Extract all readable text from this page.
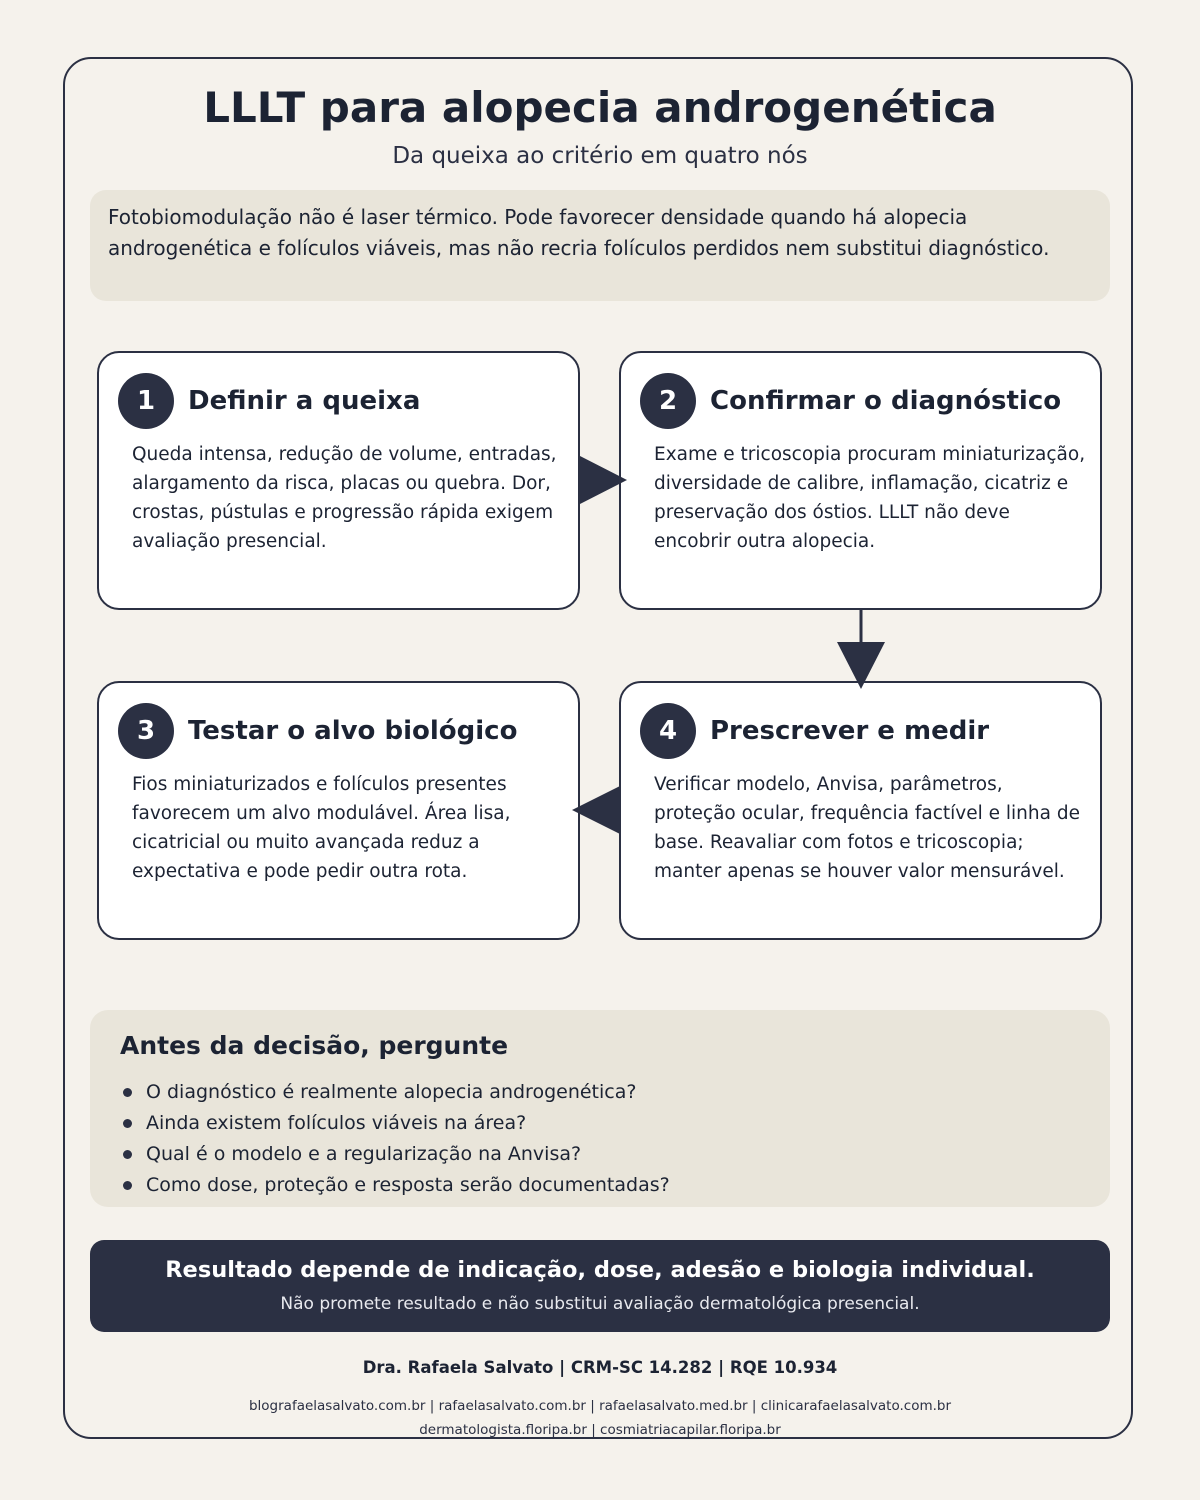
LLLT para alopecia androgenética
Da queixa ao critério em quatro nós
Fotobiomodulação não é laser térmico. Pode favorecer densidade quando há alopecia androgenética e folículos viáveis, mas não recria folículos perdidos nem substitui diagnóstico.
1	Definir a queixa
Queda intensa, redução de volume, entradas, alargamento da risca, placas ou quebra. Dor, crostas, pústulas e progressão rápida exigem avaliação presencial.
2	Confirmar o diagnóstico
Exame e tricoscopia procuram miniaturização, diversidade de calibre, inflamação, cicatriz e preservação dos óstios. LLLT não deve encobrir outra alopecia.
3	Testar o alvo biológico
Fios miniaturizados e folículos presentes favorecem um alvo modulável. Área lisa, cicatricial ou muito avançada reduz a expectativa e pode pedir outra rota.
4	Prescrever e medir
Verificar modelo, Anvisa, parâmetros, proteção ocular, frequência factível e linha de base. Reavaliar com fotos e tricoscopia; manter apenas se houver valor mensurável.
Antes da decisão, pergunte
O diagnóstico é realmente alopecia androgenética?
Ainda existem folículos viáveis na área?
Qual é o modelo e a regularização na Anvisa?
Como dose, proteção e resposta serão documentadas?
Resultado depende de indicação, dose, adesão e biologia individual.
Não promete resultado e não substitui avaliação dermatológica presencial.
Dra. Rafaela Salvato | CRM-SC 14.282 | RQE 10.934
blografaelasalvato.com.br | rafaelasalvato.com.br | rafaelasalvato.med.br | clinicarafaelasalvato.com.br
dermatologista.floripa.br | cosmiatriacapilar.floripa.br
